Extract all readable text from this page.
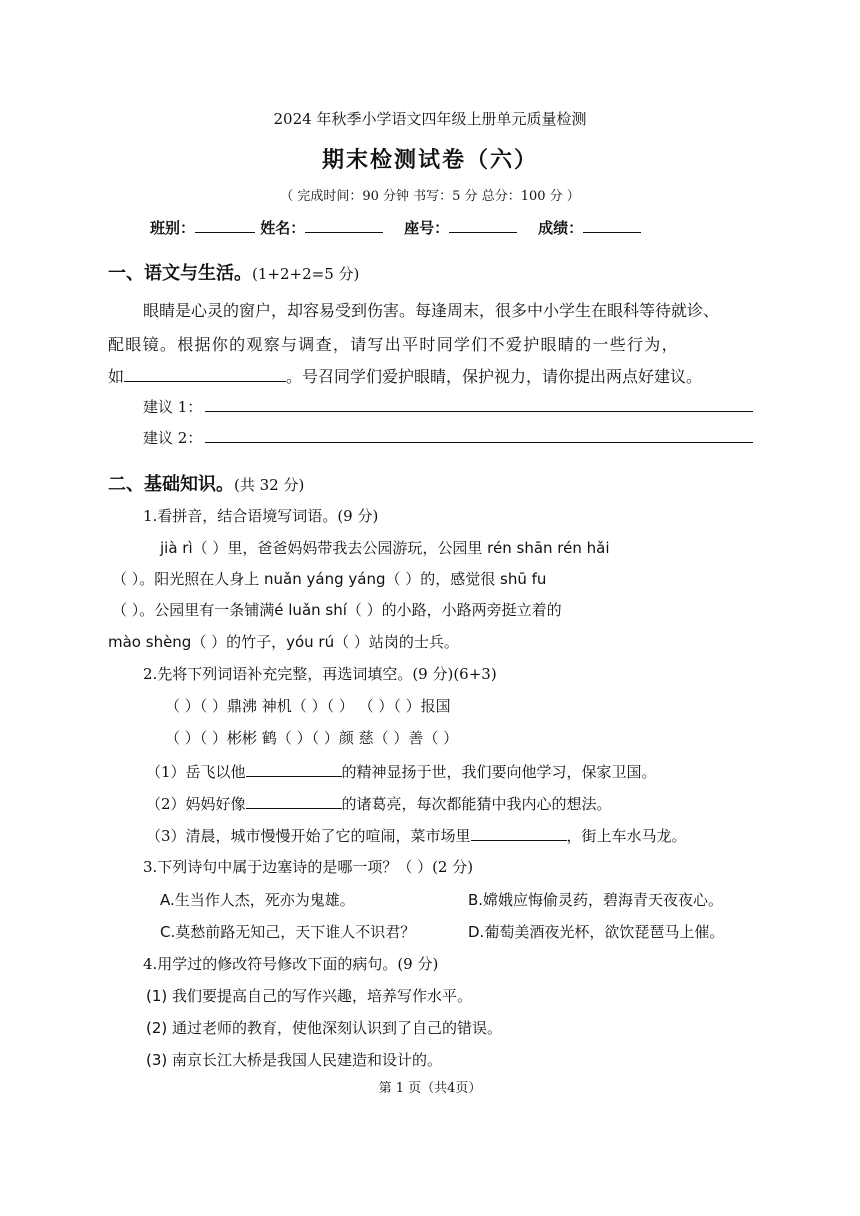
2024 年秋季小学语文四年级上册单元质量检测
期末检测试卷（六）
（ 完成时间：90 分钟 书写：5 分 总分：100 分 ）
班别：	姓名：	座号：	成绩：
一、语文与生活。(1+2+2=5 分)
眼睛是心灵的窗户，却容易受到伤害。每逢周末，很多中小学生在眼科等待就诊、
配眼镜。根据你的观察与调查，请写出平时同学们不爱护眼睛的一些行为，
如	。号召同学们爱护眼睛，保护视力，请你提出两点好建议。
建议 1：
建议 2：
二、基础知识。(共 32 分)
1.看拼音，结合语境写词语。(9 分)
jià rì（ ）里，爸爸妈妈带我去公园游玩，公园里 rén shān rén hǎi
（ ）。阳光照在人身上 nuǎn yáng yáng（ ）的，感觉很 shū fu
（ ）。公园里有一条铺满é luǎn shí（ ）的小路，小路两旁挺立着的
mào shèng（ ）的竹子，yóu rú（ ）站岗的士兵。
2.先将下列词语补充完整，再选词填空。(9 分)(6+3)
（ ）（ ）鼎沸 神机（ ）（ ） （ ）（ ）报国
（ ）（ ）彬彬 鹤（ ）（ ）颜 慈（ ）善（ ）
（1）岳飞以他	的精神显扬于世，我们要向他学习，保家卫国。
（2）妈妈好像	的诸葛亮，每次都能猜中我内心的想法。
（3）清晨，城市慢慢开始了它的喧闹，菜市场里	，街上车水马龙。
3.下列诗句中属于边塞诗的是哪一项？（ ）(2 分)
A.生当作人杰，死亦为鬼雄。	B.嫦娥应悔偷灵药，碧海青天夜夜心。
C.莫愁前路无知己，天下谁人不识君？	D.葡萄美酒夜光杯，欲饮琵琶马上催。
4.用学过的修改符号修改下面的病句。(9 分)
(1) 我们要提高自己的写作兴趣，培养写作水平。
(2) 通过老师的教育，使他深刻认识到了自己的错误。
(3) 南京长江大桥是我国人民建造和设计的。
第 1 页（共4页）
